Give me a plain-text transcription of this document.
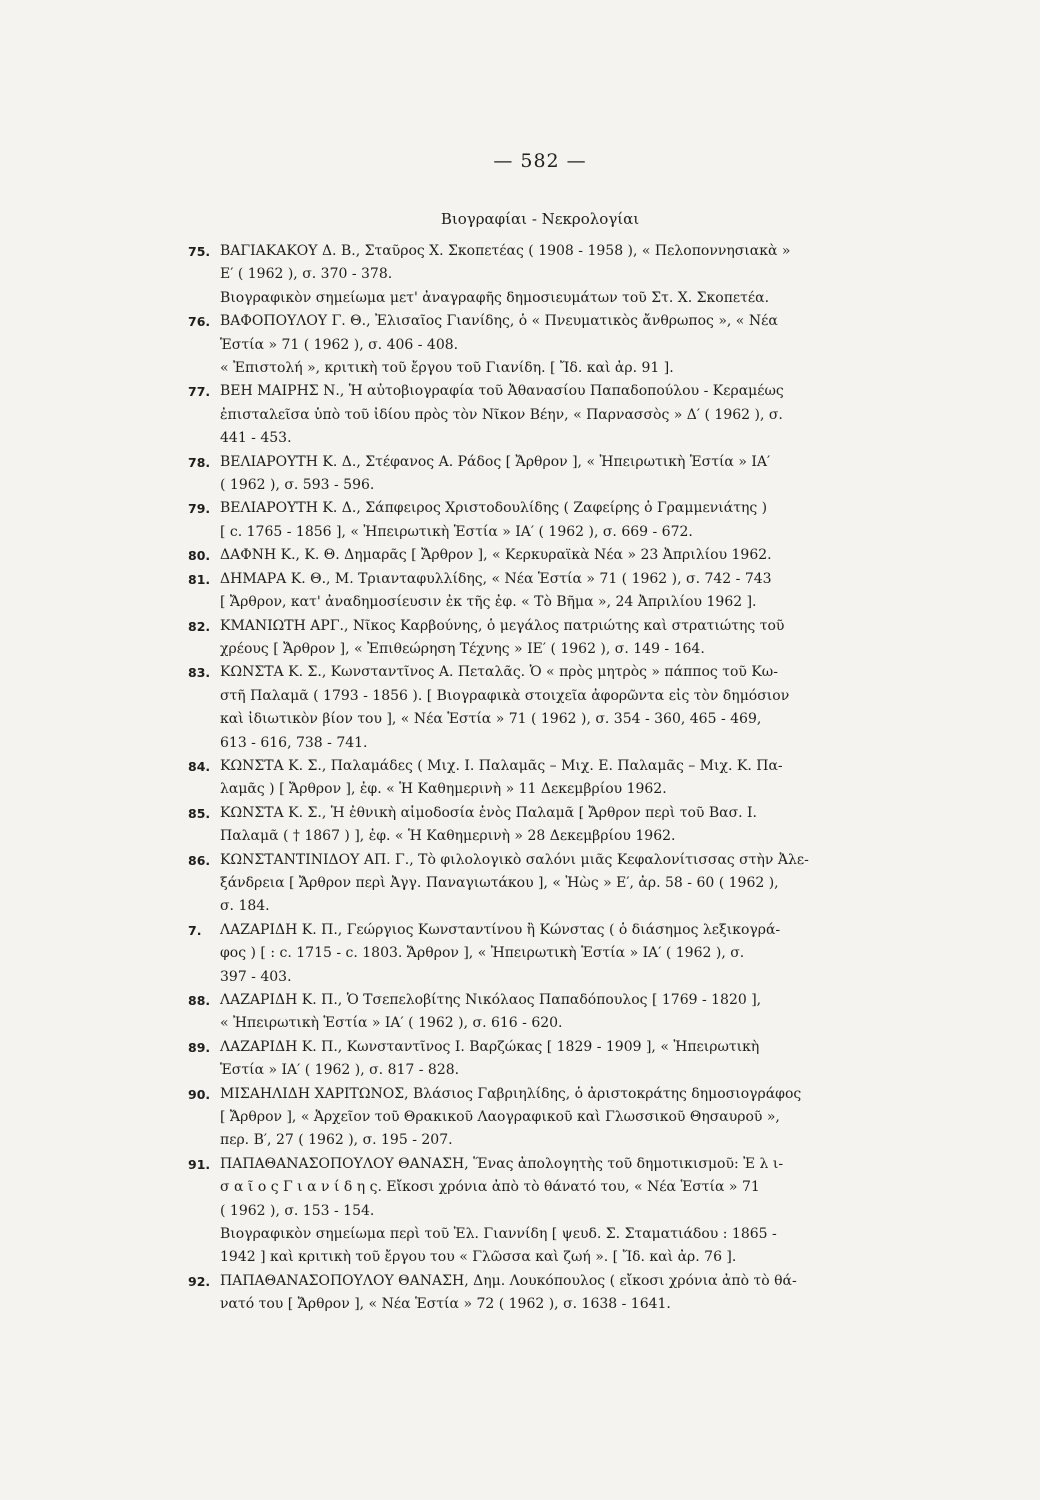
— 582 —
Βιογραφίαι - Νεκρολογίαι
75. ΒΑΓΙΑΚΑΚΟΥ Δ. Β., Σταῦρος Χ. Σκοπετέας ( 1908 - 1958 ), « Πελοποννησιακὰ »
Ε′ ( 1962 ), σ. 370 - 378.
Βιογραφικὸν σημείωμα μετ' ἀναγραφῆς δημοσιευμάτων τοῦ Στ. Χ. Σκοπετέα.
76. ΒΑΦΟΠΟΥΛΟΥ Γ. Θ., Ἐλισαῖος Γιανίδης, ὁ « Πνευματικὸς ἄνθρωπος », « Νέα
Ἑστία » 71 ( 1962 ), σ. 406 - 408.
« Ἐπιστολή », κριτικὴ τοῦ ἔργου τοῦ Γιανίδη. [ Ἴδ. καὶ ἀρ. 91 ].
77. ΒΕΗ ΜΑΙΡΗΣ Ν., Ἡ αὐτοβιογραφία τοῦ Ἀθανασίου Παπαδοπούλου - Κεραμέως
ἐπισταλεῖσα ὑπὸ τοῦ ἰδίου πρὸς τὸν Νῖκον Βέην, « Παρνασσὸς » Δ′ ( 1962 ), σ.
441 - 453.
78. ΒΕΛΙΑΡΟΥΤΗ Κ. Δ., Στέφανος Α. Ράδος [ Ἄρθρον ], « Ἠπειρωτικὴ Ἑστία » ΙΑ′
( 1962 ), σ. 593 - 596.
79. ΒΕΛΙΑΡΟΥΤΗ Κ. Δ., Σάπφειρος Χριστοδουλίδης ( Ζαφείρης ὁ Γραμμενιάτης )
[ c. 1765 - 1856 ], « Ἠπειρωτικὴ Ἑστία » ΙΑ′ ( 1962 ), σ. 669 - 672.
80. ΔΑΦΝΗ Κ., Κ. Θ. Δημαρᾶς [ Ἄρθρον ], « Κερκυραϊκὰ Νέα » 23 Ἀπριλίου 1962.
81. ΔΗΜΑΡΑ Κ. Θ., Μ. Τριανταφυλλίδης, « Νέα Ἑστία » 71 ( 1962 ), σ. 742 - 743
[ Ἄρθρον, κατ' ἀναδημοσίευσιν ἐκ τῆς ἐφ. « Τὸ Βῆμα », 24 Ἀπριλίου 1962 ].
82. ΚΜΑΝΙΩΤΗ ΑΡΓ., Νῖκος Καρβούνης, ὁ μεγάλος πατριώτης καὶ στρατιώτης τοῦ
χρέους [ Ἄρθρον ], « Ἐπιθεώρηση Τέχνης » ΙΕ′ ( 1962 ), σ. 149 - 164.
83. ΚΩΝΣΤΑ Κ. Σ., Κωνσταντῖνος Α. Πεταλᾶς. Ὁ « πρὸς μητρὸς » πάππος τοῦ Κω-
στῆ Παλαμᾶ ( 1793 - 1856 ). [ Βιογραφικὰ στοιχεῖα ἀφορῶντα εἰς τὸν δημόσιον
καὶ ἰδιωτικὸν βίον του ], « Νέα Ἑστία » 71 ( 1962 ), σ. 354 - 360, 465 - 469,
613 - 616, 738 - 741.
84. ΚΩΝΣΤΑ Κ. Σ., Παλαμάδες ( Μιχ. Ι. Παλαμᾶς – Μιχ. Ε. Παλαμᾶς – Μιχ. Κ. Πα-
λαμᾶς ) [ Ἄρθρον ], ἐφ. « Ἡ Καθημερινὴ » 11 Δεκεμβρίου 1962.
85. ΚΩΝΣΤΑ Κ. Σ., Ἡ ἐθνικὴ αἱμοδοσία ἑνὸς Παλαμᾶ [ Ἄρθρον περὶ τοῦ Βασ. Ι.
Παλαμᾶ ( † 1867 ) ], ἐφ. « Ἡ Καθημερινὴ » 28 Δεκεμβρίου 1962.
86. ΚΩΝΣΤΑΝΤΙΝΙΔΟΥ ΑΠ. Γ., Τὸ φιλολογικὸ σαλόνι μιᾶς Κεφαλονίτισσας στὴν Ἀλε-
ξάνδρεια [ Ἄρθρον περὶ Ἀγγ. Παναγιωτάκου ], « Ἠὼς » Ε′, ἀρ. 58 - 60 ( 1962 ),
σ. 184.
7. ΛΑΖΑΡΙΔΗ Κ. Π., Γεώργιος Κωνσταντίνου ἢ Κώνστας ( ὁ διάσημος λεξικογρά-
φος ) [ : c. 1715 - c. 1803. Ἄρθρον ], « Ἠπειρωτικὴ Ἑστία » ΙΑ′ ( 1962 ), σ.
397 - 403.
88. ΛΑΖΑΡΙΔΗ Κ. Π., Ὁ Τσεπελοβίτης Νικόλαος Παπαδόπουλος [ 1769 - 1820 ],
« Ἠπειρωτικὴ Ἑστία » ΙΑ′ ( 1962 ), σ. 616 - 620.
89. ΛΑΖΑΡΙΔΗ Κ. Π., Κωνσταντῖνος Ι. Βαρζώκας [ 1829 - 1909 ], « Ἠπειρωτικὴ
Ἑστία » ΙΑ′ ( 1962 ), σ. 817 - 828.
90. ΜΙΣΑΗΛΙΔΗ ΧΑΡΙΤΩΝΟΣ, Βλάσιος Γαβριηλίδης, ὁ ἀριστοκράτης δημοσιογράφος
[ Ἄρθρον ], « Ἀρχεῖον τοῦ Θρακικοῦ Λαογραφικοῦ καὶ Γλωσσικοῦ Θησαυροῦ »,
περ. Β′, 27 ( 1962 ), σ. 195 - 207.
91. ΠΑΠΑΘΑΝΑΣΟΠΟΥΛΟΥ ΘΑΝΑΣΗ, Ἕνας ἀπολογητὴς τοῦ δημοτικισμοῦ: Ἐ λ ι-
σ α ῖ ο ς Γ ι α ν ί δ η ς. Εἴκοσι χρόνια ἀπὸ τὸ θάνατό του, « Νέα Ἑστία » 71
( 1962 ), σ. 153 - 154.
Βιογραφικὸν σημείωμα περὶ τοῦ Ἐλ. Γιαννίδη [ ψευδ. Σ. Σταματιάδου : 1865 -
1942 ] καὶ κριτικὴ τοῦ ἔργου του « Γλῶσσα καὶ ζωή ». [ Ἴδ. καὶ ἀρ. 76 ].
92. ΠΑΠΑΘΑΝΑΣΟΠΟΥΛΟΥ ΘΑΝΑΣΗ, Δημ. Λουκόπουλος ( εἴκοσι χρόνια ἀπὸ τὸ θά-
νατό του [ Ἄρθρον ], « Νέα Ἑστία » 72 ( 1962 ), σ. 1638 - 1641.
